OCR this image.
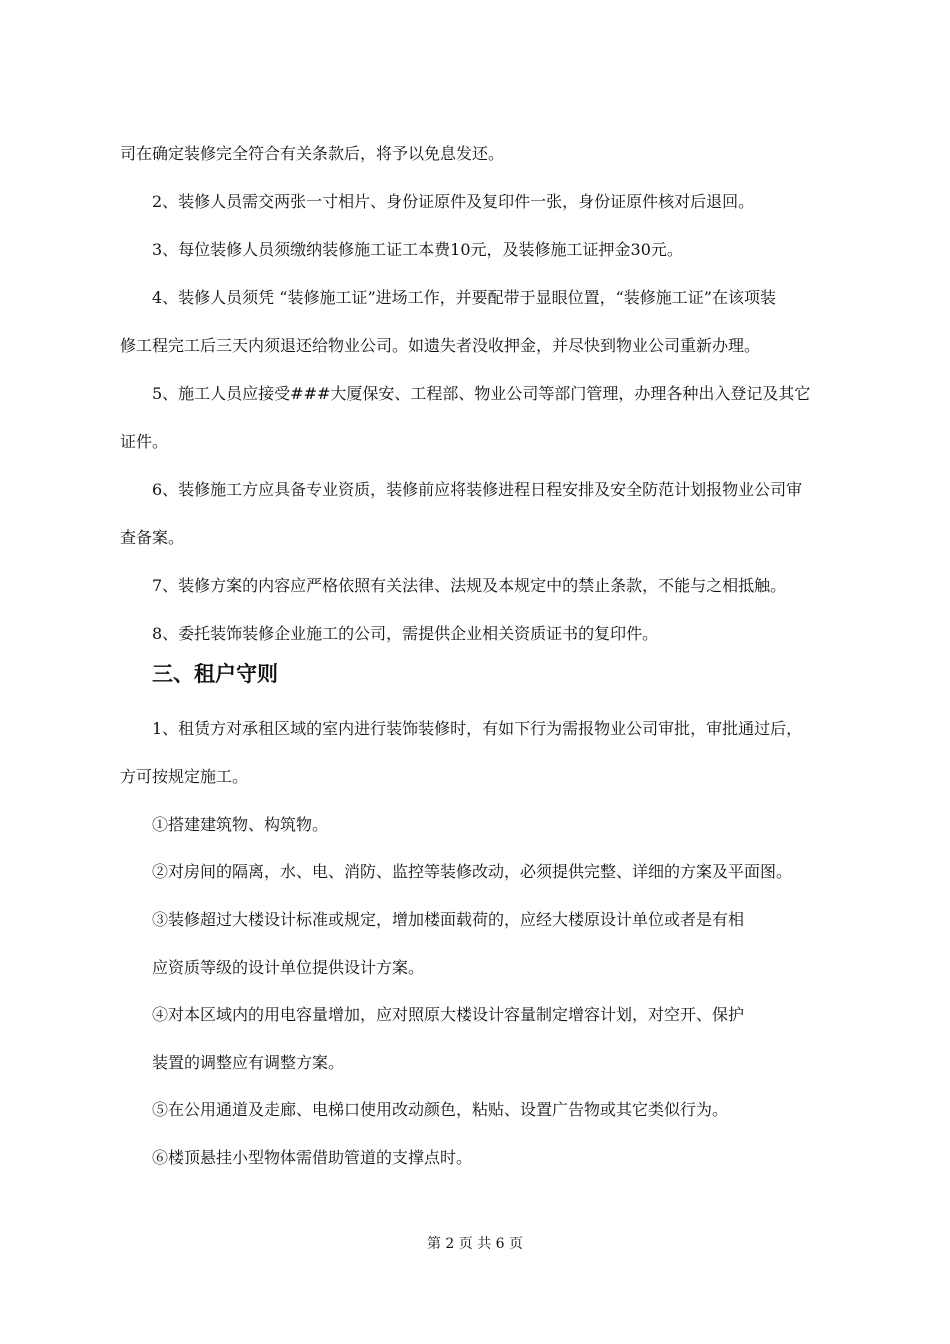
司在确定装修完全符合有关条款后，将予以免息发还。
2、装修人员需交两张一寸相片、身份证原件及复印件一张，身份证原件核对后退回。
3、每位装修人员须缴纳装修施工证工本费10元，及装修施工证押金30元。
4、装修人员须凭 “装修施工证”进场工作，并要配带于显眼位置，“装修施工证”在该项装
修工程完工后三天内须退还给物业公司。如遗失者没收押金，并尽快到物业公司重新办理。
5、施工人员应接受###大厦保安、工程部、物业公司等部门管理，办理各种出入登记及其它
证件。
6、装修施工方应具备专业资质，装修前应将装修进程日程安排及安全防范计划报物业公司审
查备案。
7、装修方案的内容应严格依照有关法律、法规及本规定中的禁止条款，不能与之相抵触。
8、委托装饰装修企业施工的公司，需提供企业相关资质证书的复印件。
三、租户守则
1、租赁方对承租区域的室内进行装饰装修时，有如下行为需报物业公司审批，审批通过后，
方可按规定施工。
①搭建建筑物、构筑物。
②对房间的隔离，水、电、消防、监控等装修改动，必须提供完整、详细的方案及平面图。
③装修超过大楼设计标准或规定，增加楼面载荷的，应经大楼原设计单位或者是有相
应资质等级的设计单位提供设计方案。
④对本区域内的用电容量增加，应对照原大楼设计容量制定增容计划，对空开、保护
装置的调整应有调整方案。
⑤在公用通道及走廊、电梯口使用改动颜色，粘贴、设置广告物或其它类似行为。
⑥楼顶悬挂小型物体需借助管道的支撑点时。
第 2 页 共 6 页
